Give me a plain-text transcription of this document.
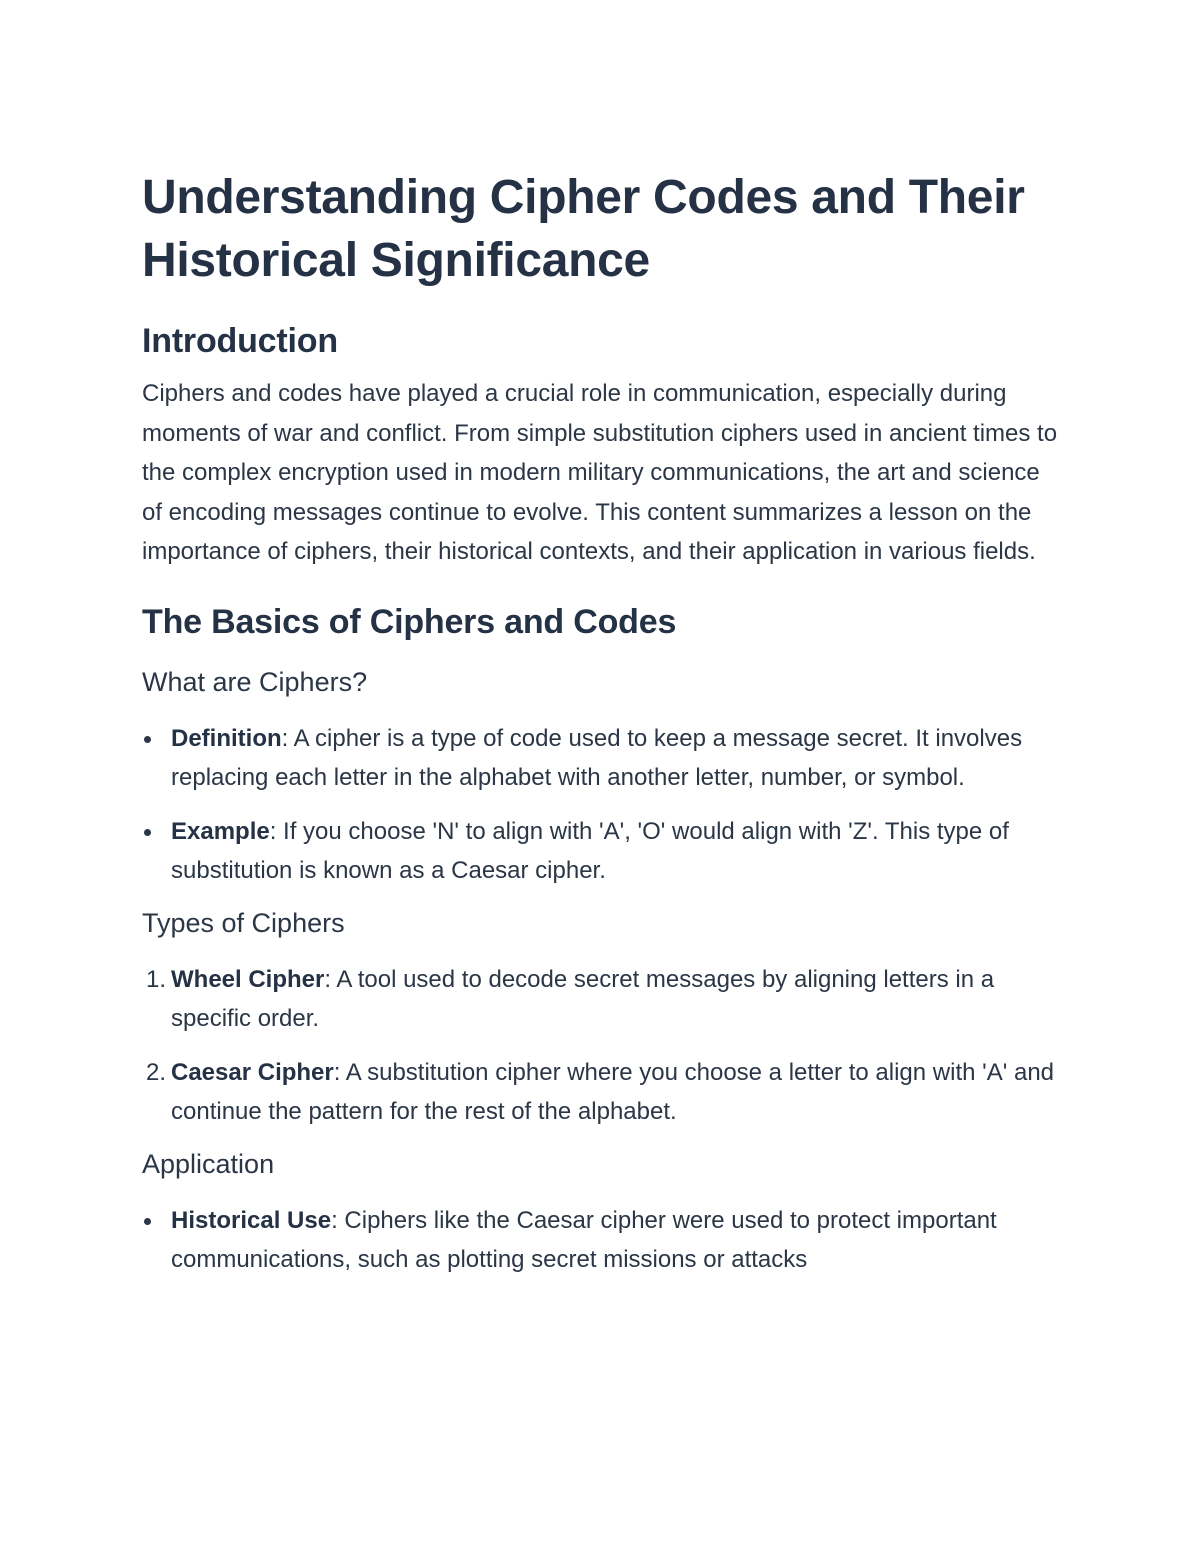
Understanding Cipher Codes and Their Historical Significance
Introduction

Ciphers and codes have played a crucial role in communication, especially during moments of war and conflict. From simple substitution ciphers used in ancient times to the complex encryption used in modern military communications, the art and science of encoding messages continue to evolve. This content summarizes a lesson on the importance of ciphers, their historical contexts, and their application in various fields.

The Basics of Ciphers and Codes
What are Ciphers?
Definition: A cipher is a type of code used to keep a message secret. It involves replacing each letter in the alphabet with another letter, number, or symbol.
Example: If you choose 'N' to align with 'A', 'O' would align with 'Z'. This type of substitution is known as a Caesar cipher.
Types of Ciphers
1. Wheel Cipher: A tool used to decode secret messages by aligning letters in a specific order.
2. Caesar Cipher: A substitution cipher where you choose a letter to align with 'A' and continue the pattern for the rest of the alphabet.
Application
Historical Use: Ciphers like the Caesar cipher were used to protect important communications, such as plotting secret missions or attacks
